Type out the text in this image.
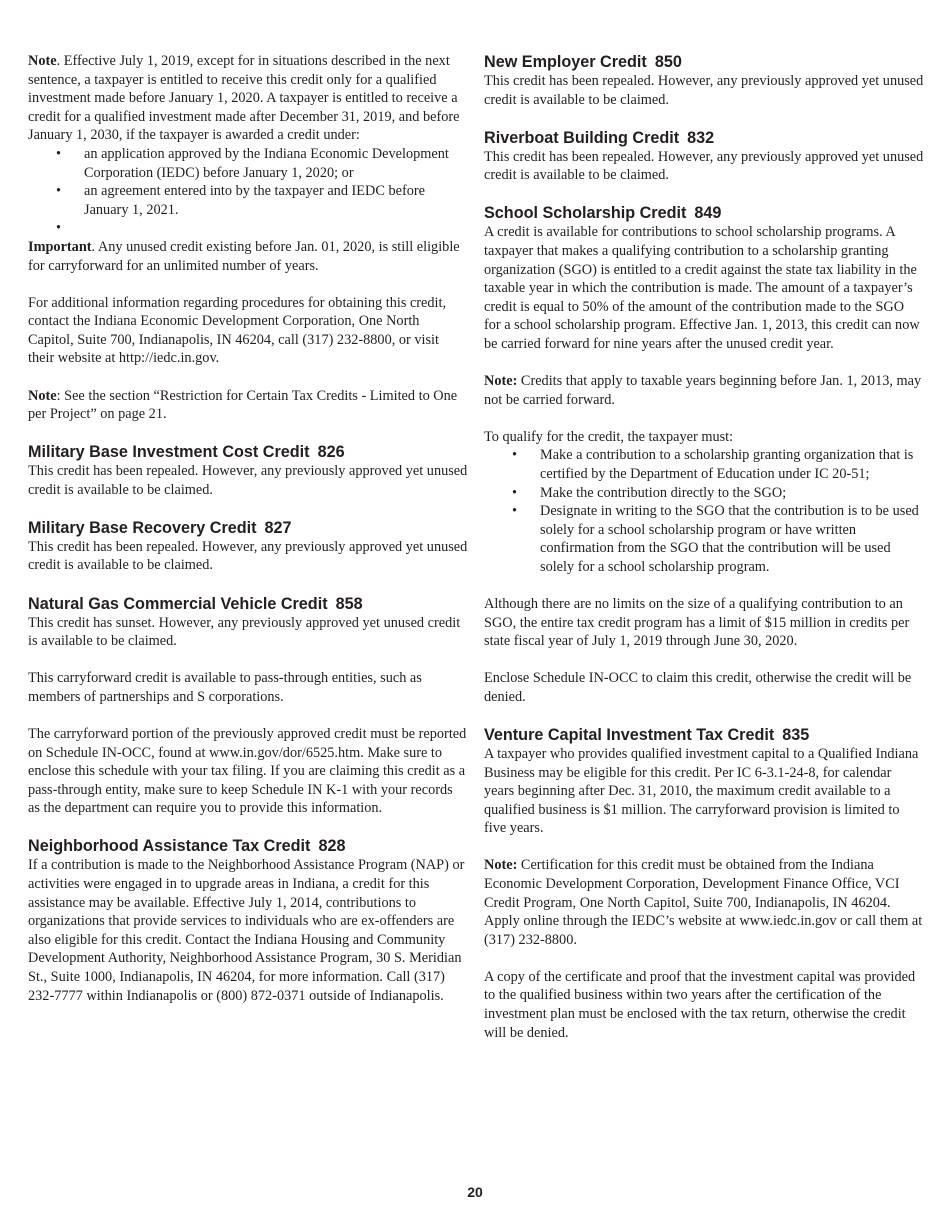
Note. Effective July 1, 2019, except for in situations described in the next sentence, a taxpayer is entitled to receive this credit only for a qualified investment made before January 1, 2020. A taxpayer is entitled to receive a credit for a qualified investment made after December 31, 2019, and before January 1, 2030, if the taxpayer is awarded a credit under:

• an application approved by the Indiana Economic Development Corporation (IEDC) before January 1, 2020; or
• an agreement entered into by the taxpayer and IEDC before January 1, 2021.
•

Important. Any unused credit existing before Jan. 01, 2020, is still eligible for carryforward for an unlimited number of years.

For additional information regarding procedures for obtaining this credit, contact the Indiana Economic Development Corporation, One North Capitol, Suite 700, Indianapolis, IN 46204, call (317) 232-8800, or visit their website at http://iedc.in.gov.

Note: See the section “Restriction for Certain Tax Credits - Limited to One per Project” on page 21.

Military Base Investment Cost Credit 826

This credit has been repealed. However, any previously approved yet unused credit is available to be claimed.

Military Base Recovery Credit 827

This credit has been repealed. However, any previously approved yet unused credit is available to be claimed.

Natural Gas Commercial Vehicle Credit 858

This credit has sunset. However, any previously approved yet unused credit is available to be claimed.

This carryforward credit is available to pass-through entities, such as members of partnerships and S corporations.

The carryforward portion of the previously approved credit must be reported on Schedule IN-OCC, found at www.in.gov/dor/6525.htm. Make sure to enclose this schedule with your tax filing. If you are claiming this credit as a pass-through entity, make sure to keep Schedule IN K-1 with your records as the department can require you to provide this information.

Neighborhood Assistance Tax Credit 828

If a contribution is made to the Neighborhood Assistance Program (NAP) or activities were engaged in to upgrade areas in Indiana, a credit for this assistance may be available. Effective July 1, 2014, contributions to organizations that provide services to individuals who are ex-offenders are also eligible for this credit. Contact the Indiana Housing and Community Development Authority, Neighborhood Assistance Program, 30 S. Meridian St., Suite 1000, Indianapolis, IN 46204, for more information. Call (317) 232-7777 within Indianapolis or (800) 872-0371 outside of Indianapolis.

New Employer Credit 850

This credit has been repealed. However, any previously approved yet unused credit is available to be claimed.

Riverboat Building Credit 832

This credit has been repealed. However, any previously approved yet unused credit is available to be claimed.

School Scholarship Credit 849

A credit is available for contributions to school scholarship programs. A taxpayer that makes a qualifying contribution to a scholarship granting organization (SGO) is entitled to a credit against the state tax liability in the taxable year in which the contribution is made. The amount of a taxpayer’s credit is equal to 50% of the amount of the contribution made to the SGO for a school scholarship program. Effective Jan. 1, 2013, this credit can now be carried forward for nine years after the unused credit year.

Note: Credits that apply to taxable years beginning before Jan. 1, 2013, may not be carried forward.

To qualify for the credit, the taxpayer must:

• Make a contribution to a scholarship granting organization that is certified by the Department of Education under IC 20-51;
• Make the contribution directly to the SGO;
• Designate in writing to the SGO that the contribution is to be used solely for a school scholarship program or have written confirmation from the SGO that the contribution will be used solely for a school scholarship program.

Although there are no limits on the size of a qualifying contribution to an SGO, the entire tax credit program has a limit of $15 million in credits per state fiscal year of July 1, 2019 through June 30, 2020.

Enclose Schedule IN-OCC to claim this credit, otherwise the credit will be denied.

Venture Capital Investment Tax Credit 835

A taxpayer who provides qualified investment capital to a Qualified Indiana Business may be eligible for this credit. Per IC 6-3.1-24-8, for calendar years beginning after Dec. 31, 2010, the maximum credit available to a qualified business is $1 million. The carryforward provision is limited to five years.

Note: Certification for this credit must be obtained from the Indiana Economic Development Corporation, Development Finance Office, VCI Credit Program, One North Capitol, Suite 700, Indianapolis, IN 46204. Apply online through the IEDC’s website at www.iedc.in.gov or call them at (317) 232-8800.

A copy of the certificate and proof that the investment capital was provided to the qualified business within two years after the certification of the investment plan must be enclosed with the tax return, otherwise the credit will be denied.

20
